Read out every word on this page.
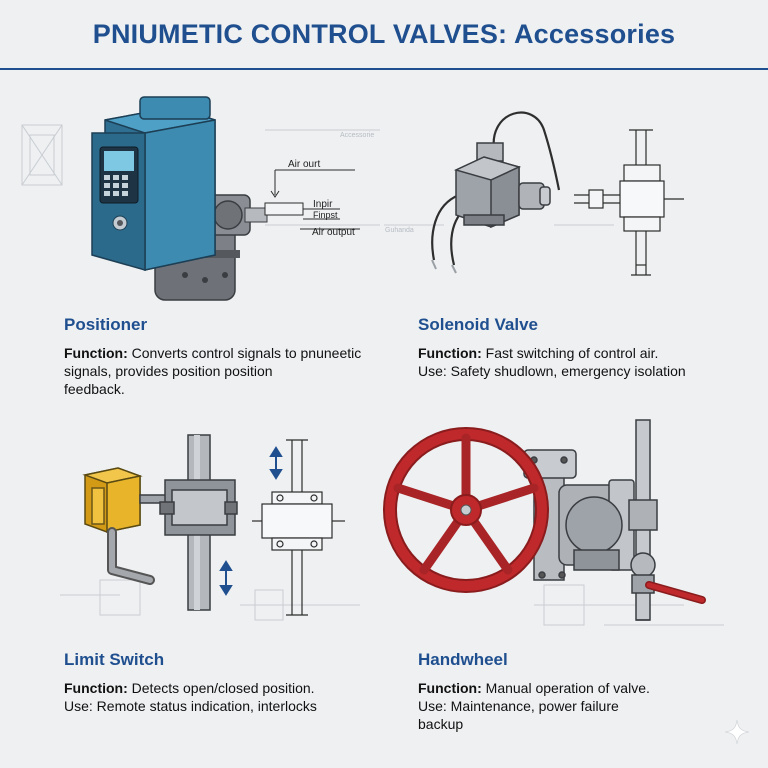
PNIUMETIC CONTROL VALVES: Accessories
Accessorie
Guhanda
Air ourt
Inpir
Finpst
Air output
Positioner
Function: Converts control signals to pnuneetic
signals, provides position position
feedback.
Solenoid Valve
Function: Fast switching of control air.
Use: Safety shudlown, emergency isolation
Limit Switch
Function: Detects open/closed position.
Use: Remote status indication, interlocks
Handwheel
Function: Manual operation of valve.
Use: Maintenance, power failure
backup
